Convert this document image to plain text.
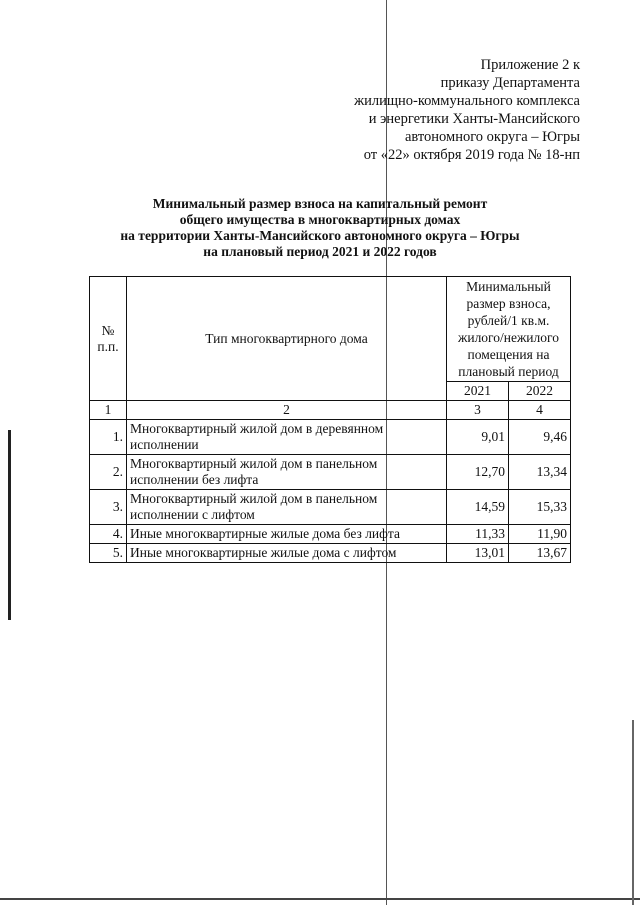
Приложение 2 к
приказу Департамента
жилищно-коммунального комплекса
и энергетики Ханты-Мансийского
автономного округа – Югры
от «22» октября 2019 года № 18-нп
Минимальный размер взноса на капитальный ремонт
общего имущества в многоквартирных домах
на территории Ханты-Мансийского автономного округа – Югры
на плановый период 2021 и 2022 годов
№ п.п.	Тип многоквартирного дома	Минимальный размер взноса, рублей/1 кв.м. жилого/нежилого помещения на плановый период	
		2021	2022
1	2	3	4
1.	Многоквартирный жилой дом в деревянном исполнении	9,01	9,46
2.	Многоквартирный жилой дом в панельном исполнении без лифта	12,70	13,34
3.	Многоквартирный жилой дом в панельном исполнении с лифтом	14,59	15,33
4.	Иные многоквартирные жилые дома без лифта	11,33	11,90
5.	Иные многоквартирные жилые дома с лифтом	13,01	13,67
